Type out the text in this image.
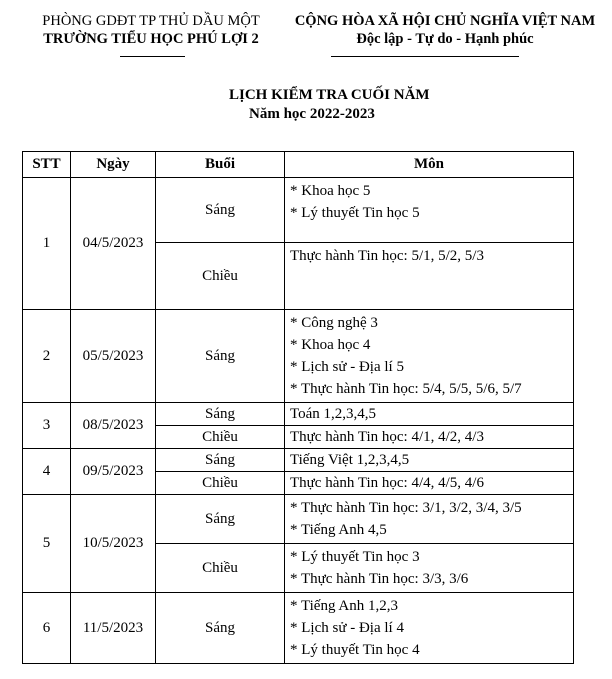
PHÒNG GDĐT TP THỦ DẦU MỘT
TRƯỜNG TIỂU HỌC PHÚ LỢI 2
CỘNG HÒA XÃ HỘI CHỦ NGHĨA VIỆT NAM
Độc lập - Tự do - Hạnh phúc
LỊCH KIỂM TRA CUỐI NĂM
Năm học 2022-2023
STT	Ngày	Buổi	Môn
1	04/5/2023	Sáng	* Khoa học 5
* Lý thuyết Tin học 5

		Chiều	Thực hành Tin học: 5/1, 5/2, 5/3

2	05/5/2023	Sáng	* Công nghệ 3
* Khoa học 4
* Lịch sử - Địa lí 5
* Thực hành Tin học: 5/4, 5/5, 5/6, 5/7

3	08/5/2023	Sáng	Toán 1,2,3,4,5

		Chiều	Thực hành Tin học: 4/1, 4/2, 4/3

4	09/5/2023	Sáng	Tiếng Việt 1,2,3,4,5

		Chiều	Thực hành Tin học: 4/4, 4/5, 4/6

5	10/5/2023	Sáng	* Thực hành Tin học: 3/1, 3/2, 3/4, 3/5
* Tiếng Anh 4,5

		Chiều	* Lý thuyết Tin học 3
* Thực hành Tin học: 3/3, 3/6

6	11/5/2023	Sáng	* Tiếng Anh 1,2,3
* Lịch sử - Địa lí 4
* Lý thuyết Tin học 4
